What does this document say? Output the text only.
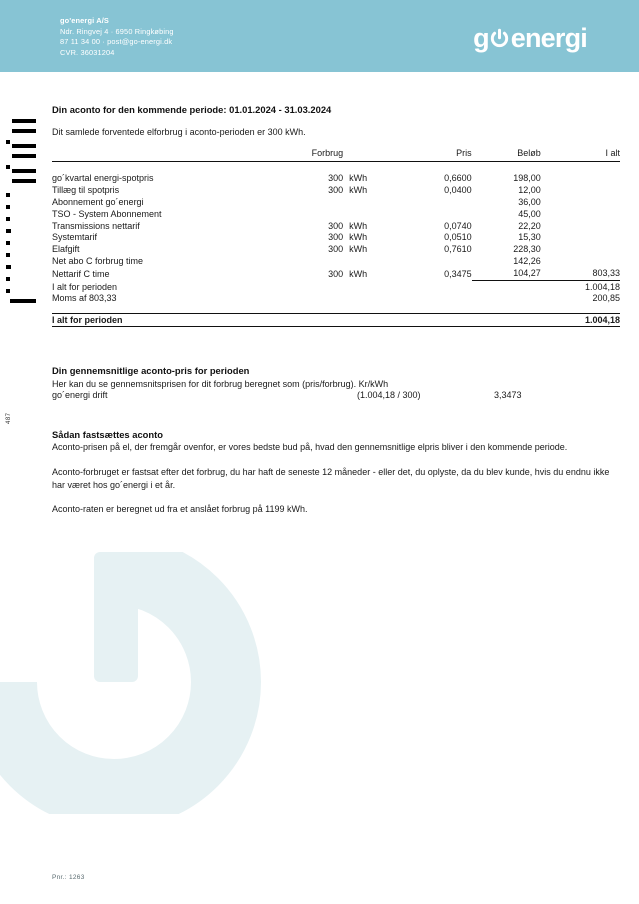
go'energi A/S
Ndr. Ringvej 4 · 6950 Ringkøbing
87 11 34 00 · post@go-energi.dk
CVR. 36031204	g energi
487
Din aconto for den kommende periode: 01.01.2024 - 31.03.2024
Dit samlede forventede elforbrug i aconto-perioden er 300 kWh.
	Forbrug		Pris	Beløb	I alt

go´kvartal energi-spotpris	300	kWh	0,6600	198,00	
Tillæg til spotpris	300	kWh	0,0400	12,00	
Abonnement go´energi				36,00	
TSO - System Abonnement				45,00	
Transmissions nettarif	300	kWh	0,0740	22,20	
Systemtarif	300	kWh	0,0510	15,30	
Elafgift	300	kWh	0,7610	228,30	
Net abo C forbrug time				142,26	
Nettarif C time	300	kWh	0,3475	104,27	803,33
I alt for perioden					1.004,18
Moms af 803,33					200,85

I alt for perioden					1.004,18
Din gennemsnitlige aconto-pris for perioden

Her kan du se gennemsnitsprisen for dit forbrug beregnet som (pris/forbrug). Kr/kWh

go´energi drift	(1.004,18 / 300)	3,3473
Sådan fastsættes aconto

Aconto-prisen på el, der fremgår ovenfor, er vores bedste bud på, hvad den gennemsnitlige elpris bliver i den kommende periode.

Aconto-forbruget er fastsat efter det forbrug, du har haft de seneste 12 måneder - eller det, du oplyste, da du blev kunde, hvis du endnu ikke har været hos go´energi i et år.

Aconto-raten er beregnet ud fra et anslået forbrug på 1199 kWh.

Pnr.: 1263
